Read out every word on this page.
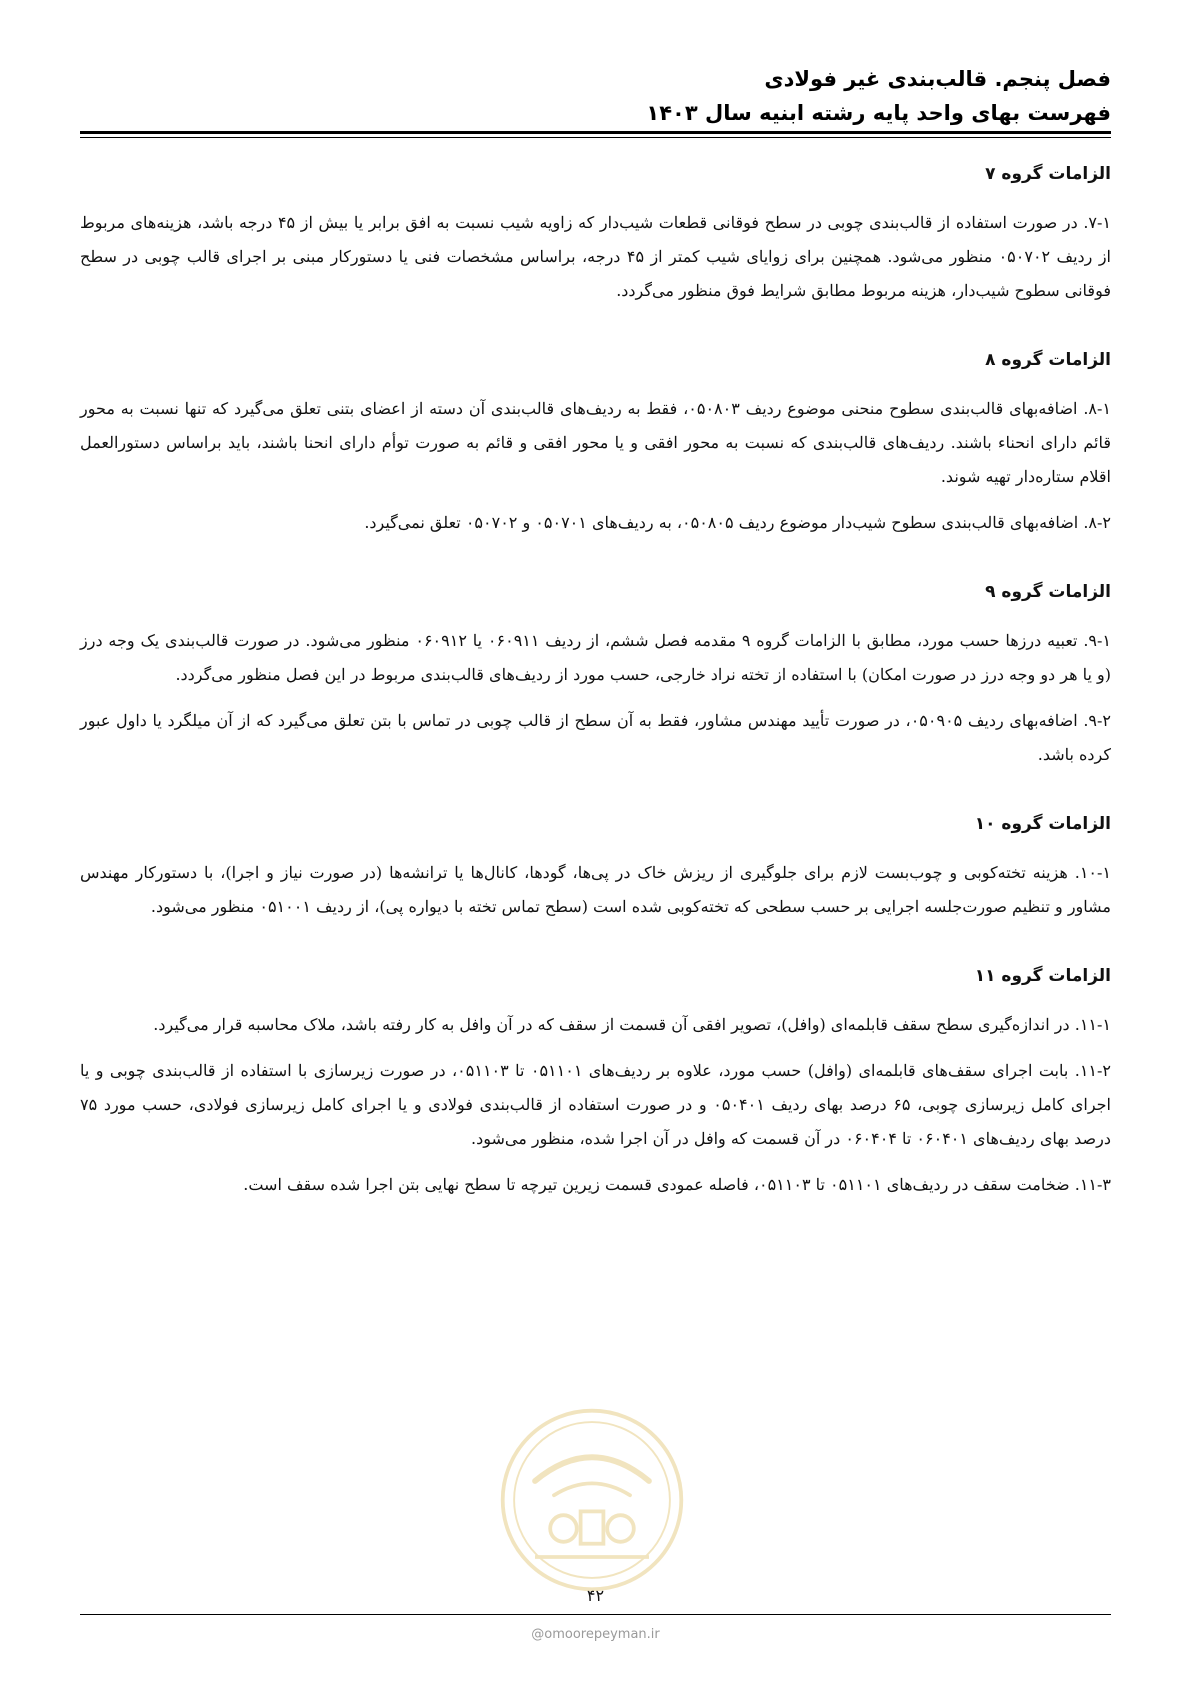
فصل پنجم. قالب‌بندی غیر فولادی
فهرست بهای واحد پایه رشته ابنیه سال ۱۴۰۳
الزامات گروه ۷

۷-۱. در صورت استفاده از قالب‌بندی چوبی در سطح فوقانی قطعات شیب‌دار که زاویه شیب نسبت به افق برابر یا بیش از ۴۵ درجه باشد، هزینه‌های مربوط از ردیف ۰۵۰۷۰۲ منظور می‌شود. همچنین برای زوایای شیب کمتر از ۴۵ درجه، براساس مشخصات فنی یا دستورکار مبنی بر اجرای قالب چوبی در سطح فوقانی سطوح شیب‌دار، هزینه مربوط مطابق شرایط فوق منظور می‌گردد.

الزامات گروه ۸

۸-۱. اضافه‌بهای قالب‌بندی سطوح منحنی موضوع ردیف ۰۵۰۸۰۳، فقط به ردیف‌های قالب‌بندی آن دسته از اعضای بتنی تعلق می‌گیرد که تنها نسبت به محور قائم دارای انحناء باشند. ردیف‌های قالب‌بندی که نسبت به محور افقی و یا محور افقی و قائم به صورت توأم دارای انحنا باشند، باید براساس دستورالعمل اقلام ستاره‌دار تهیه شوند.

۸-۲. اضافه‌بهای قالب‌بندی سطوح شیب‌دار موضوع ردیف ۰۵۰۸۰۵، به ردیف‌های ۰۵۰۷۰۱ و ۰۵۰۷۰۲ تعلق نمی‌گیرد.

الزامات گروه ۹

۹-۱. تعبیه درزها حسب مورد، مطابق با الزامات گروه ۹ مقدمه فصل ششم، از ردیف ۰۶۰۹۱۱ یا ۰۶۰۹۱۲ منظور می‌شود. در صورت قالب‌بندی یک وجه درز (و یا هر دو وجه درز در صورت امکان) با استفاده از تخته نراد خارجی، حسب مورد از ردیف‌های قالب‌بندی مربوط در این فصل منظور می‌گردد.

۹-۲. اضافه‌بهای ردیف ۰۵۰۹۰۵، در صورت تأیید مهندس مشاور، فقط به آن سطح از قالب چوبی در تماس با بتن تعلق می‌گیرد که از آن میلگرد یا داول عبور کرده باشد.

الزامات گروه ۱۰

۱۰-۱. هزینه تخته‌کوبی و چوب‌بست لازم برای جلوگیری از ریزش خاک در پی‌ها، گودها، کانال‌ها یا ترانشه‌ها (در صورت نیاز و اجرا)، با دستورکار مهندس مشاور و تنظیم صورت‌جلسه اجرایی بر حسب سطحی که تخته‌کوبی شده است (سطح تماس تخته با دیواره پی)، از ردیف ۰۵۱۰۰۱ منظور می‌شود.

الزامات گروه ۱۱

۱۱-۱. در اندازه‌گیری سطح سقف قابلمه‌ای (وافل)، تصویر افقی آن قسمت از سقف که در آن وافل به کار رفته باشد، ملاک محاسبه قرار می‌گیرد.

۱۱-۲. بابت اجرای سقف‌های قابلمه‌ای (وافل) حسب مورد، علاوه بر ردیف‌های ۰۵۱۱۰۱ تا ۰۵۱۱۰۳، در صورت زیرسازی با استفاده از قالب‌بندی چوبی و یا اجرای کامل زیرسازی چوبی، ۶۵ درصد بهای ردیف ۰۵۰۴۰۱ و در صورت استفاده از قالب‌بندی فولادی و یا اجرای کامل زیرسازی فولادی، حسب مورد ۷۵ درصد بهای ردیف‌های ۰۶۰۴۰۱ تا ۰۶۰۴۰۴ در آن قسمت که وافل در آن اجرا شده، منظور می‌شود.

۱۱-۳. ضخامت سقف در ردیف‌های ۰۵۱۱۰۱ تا ۰۵۱۱۰۳، فاصله عمودی قسمت زیرین تیرچه تا سطح نهایی بتن اجرا شده سقف است.

۴۲
@omoorepeyman.ir
